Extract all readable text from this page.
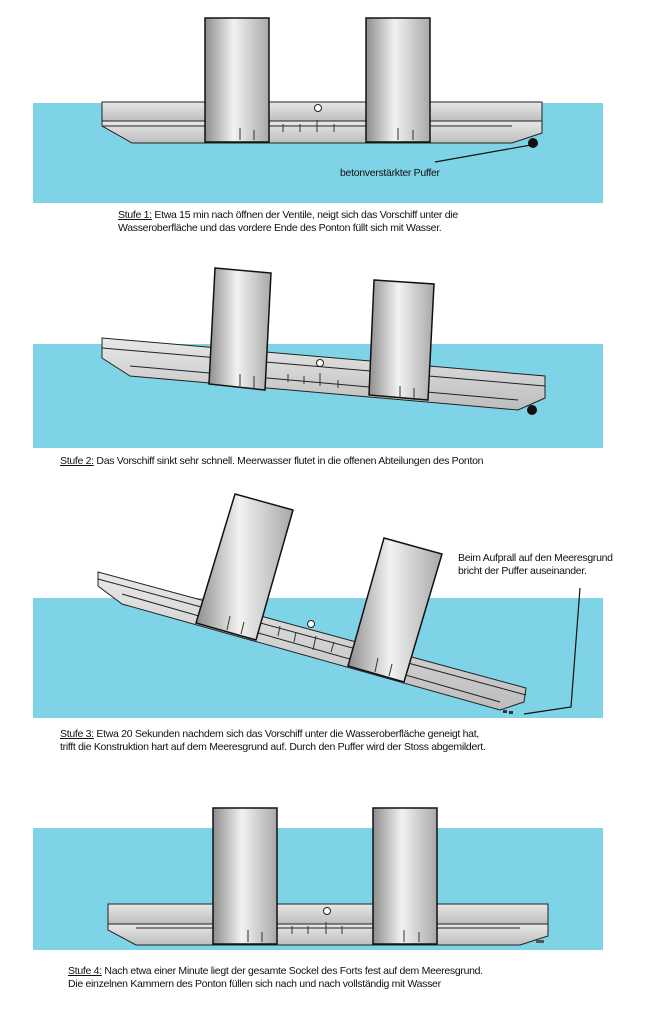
betonverstärkter Puffer
Stufe 1: Etwa 15 min nach öffnen der Ventile, neigt sich das Vorschiff unter die
Wasseroberfläche und das vordere Ende des Ponton füllt sich mit Wasser.
Stufe 2: Das Vorschiff sinkt sehr schnell. Meerwasser flutet in die offenen Abteilungen des Ponton
Beim Aufprall auf den Meeresgrund
bricht der Puffer auseinander.
Stufe 3: Etwa 20 Sekunden nachdem sich das Vorschiff unter die Wasseroberfläche geneigt hat,
trifft die Konstruktion hart auf dem Meeresgrund auf. Durch den Puffer wird der Stoss abgemildert.
Stufe 4: Nach etwa einer Minute liegt der gesamte Sockel des Forts fest auf dem Meeresgrund.
Die einzelnen Kammern des Ponton füllen sich nach und nach vollständig mit Wasser
